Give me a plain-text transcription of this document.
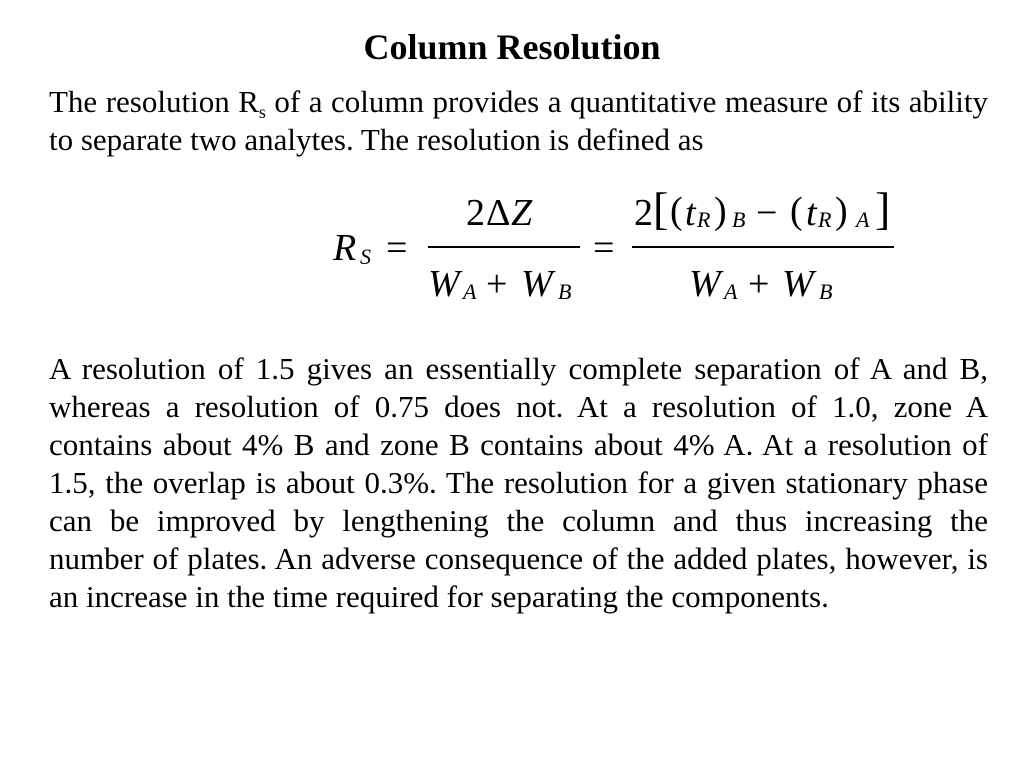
Column Resolution
The resolution $R_s$ of a column provides a quantitative measure of its ability to separate two analytes. The resolution is defined as
R S =
2 Δ Z
W A + W B
=
2 [ ( t R ) B − ( t R ) A ]
W A + W B
A resolution of 1.5 gives an essentially complete separation of A and B, whereas a resolution of 0.75 does not. At a resolution of 1.0, zone A contains about 4% B and zone B contains about 4% A. At a resolution of 1.5, the overlap is about 0.3%. The resolution for a given stationary phase can be improved by lengthening the column and thus increasing the number of plates. An adverse consequence of the added plates, however, is an increase in the time required for separating the components.
